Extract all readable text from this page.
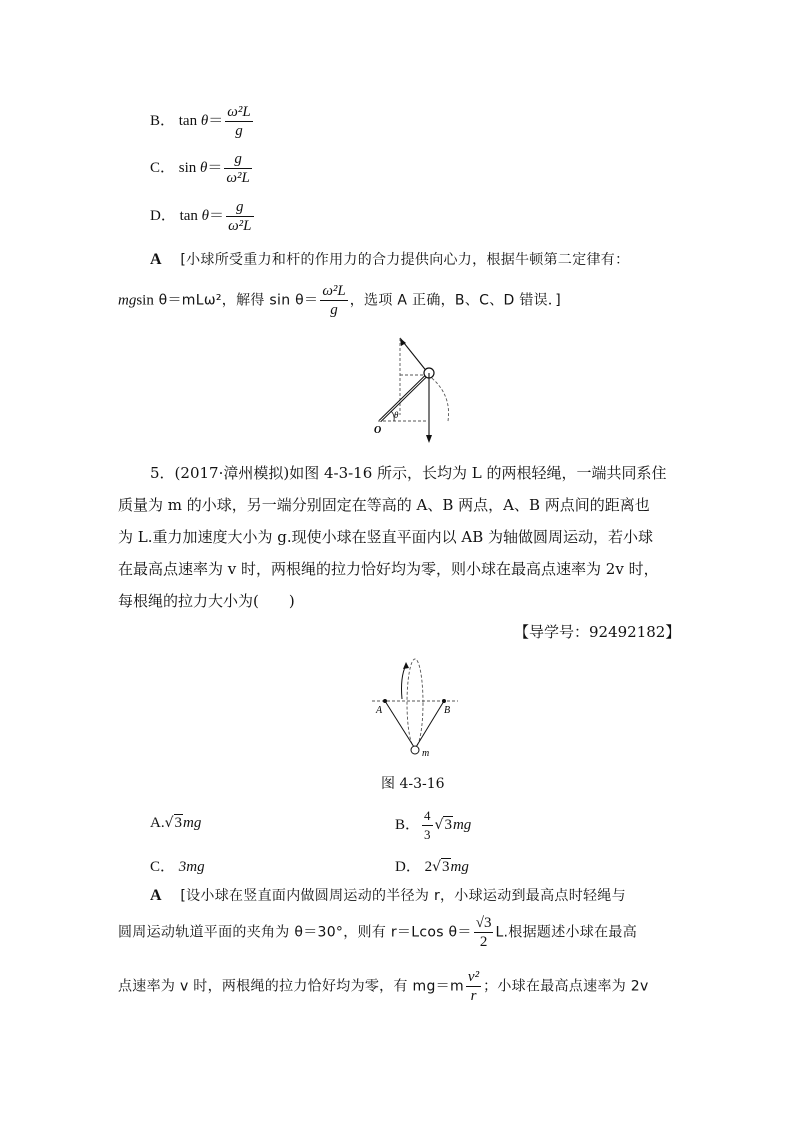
B． $\tan \theta= \frac{\text{ω²L}}{g}$
C． $\sin \theta= \frac{g}{\text{ω²L}}$
D． $\tan \theta= \frac{g}{\text{ω²L}}$
A [小球所受重力和杆的作用力的合力提供向心力，根据牛顿第二定律有：
mgsin θ＝mLω²，解得 $\sin \theta= \frac{\text{ω²L}}{g}$ ，选项 A 正确，B、C、D 错误．]
θ
O
5．(2017·漳州模拟)如图 4-3-16 所示，长均为 L 的两根轻绳，一端共同系住
质量为 m 的小球，另一端分别固定在等高的 A、B 两点，A、B 两点间的距离也
为 L.重力加速度大小为 g.现使小球在竖直平面内以 AB 为轴做圆周运动，若小球
在最高点速率为 v 时，两根绳的拉力恰好均为零，则小球在最高点速率为 2v 时，
每根绳的拉力大小为(　　)
【导学号：92492182】
A	B
m
图 4-3-16
A.√3mg	B． $\frac{4}{3} √3mg$
C． 3mg	D． 2√3mg
A [设小球在竖直面内做圆周运动的半径为 r，小球运动到最高点时轻绳与
圆周运动轨道平面的夹角为 θ＝30°，则有 r＝Lcos $\theta= \frac{√3}{2} L$.根据题述小球在最高
点速率为 v 时，两根绳的拉力恰好均为零，有 $mg=m \frac{\text{v²}}{r}$ ；小球在最高点速率为 2v
